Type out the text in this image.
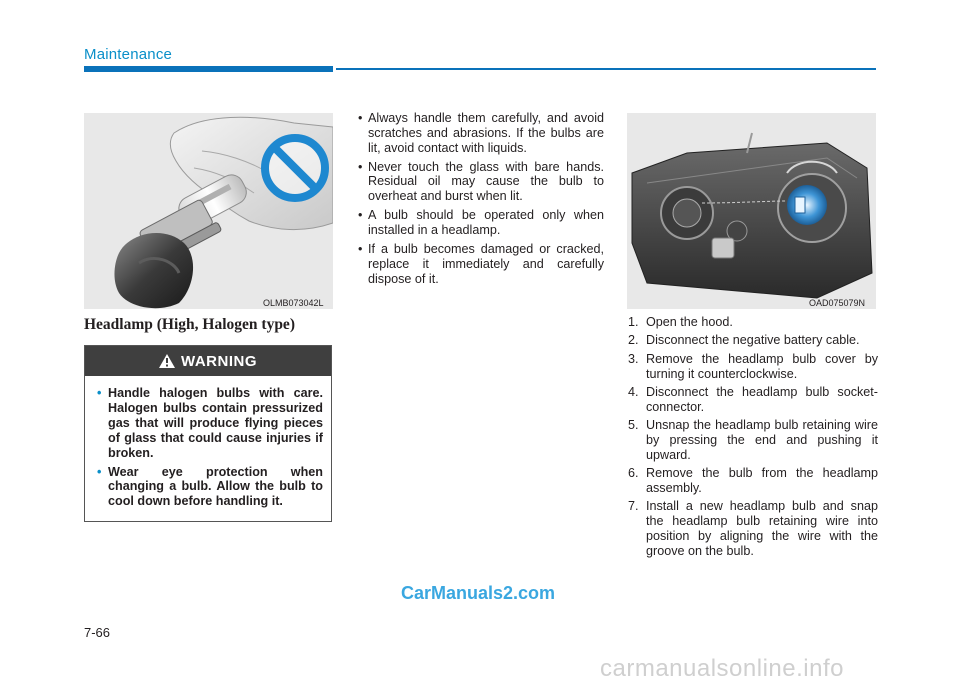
Maintenance
OLMB073042L
Headlamp (High, Halogen type)
WARNING
• Handle halogen bulbs with care. Halogen bulbs contain pressurized gas that will produce flying pieces of glass that could cause injuries if broken.
• Wear eye protection when changing a bulb. Allow the bulb to cool down before handling it.
• Always handle them carefully, and avoid scratches and abrasions. If the bulbs are lit, avoid contact with liquids.
• Never touch the glass with bare hands. Residual oil may cause the bulb to overheat and burst when lit.
• A bulb should be operated only when installed in a headlamp.
• If a bulb becomes damaged or cracked, replace it immediately and carefully dispose of it.
OAD075079N
1. Open the hood.
2. Disconnect the negative battery cable.
3. Remove the headlamp bulb cover by turning it counterclockwise.
4. Disconnect the headlamp bulb socket-connector.
5. Unsnap the headlamp bulb retaining wire by pressing the end and pushing it upward.
6. Remove the bulb from the headlamp assembly.
7. Install a new headlamp bulb and snap the headlamp bulb retaining wire into position by aligning the wire with the groove on the bulb.
CarManuals2.com
7-66
carmanualsonline.info
